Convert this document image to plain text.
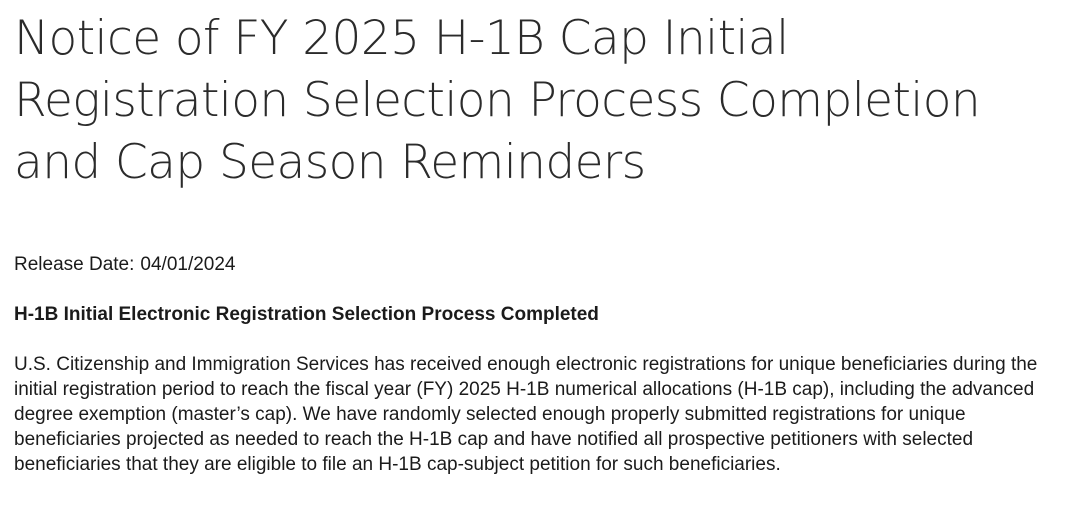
Notice of FY 2025 H-1B Cap Initial Registration Selection Process Completion and Cap Season Reminders

Release Date: 04/01/2024

H-1B Initial Electronic Registration Selection Process Completed

U.S. Citizenship and Immigration Services has received enough electronic registrations for unique beneficiaries during the initial registration period to reach the fiscal year (FY) 2025 H-1B numerical allocations (H-1B cap), including the advanced degree exemption (master’s cap). We have randomly selected enough properly submitted registrations for unique beneficiaries projected as needed to reach the H-1B cap and have notified all prospective petitioners with selected beneficiaries that they are eligible to file an H-1B cap-subject petition for such beneficiaries.
